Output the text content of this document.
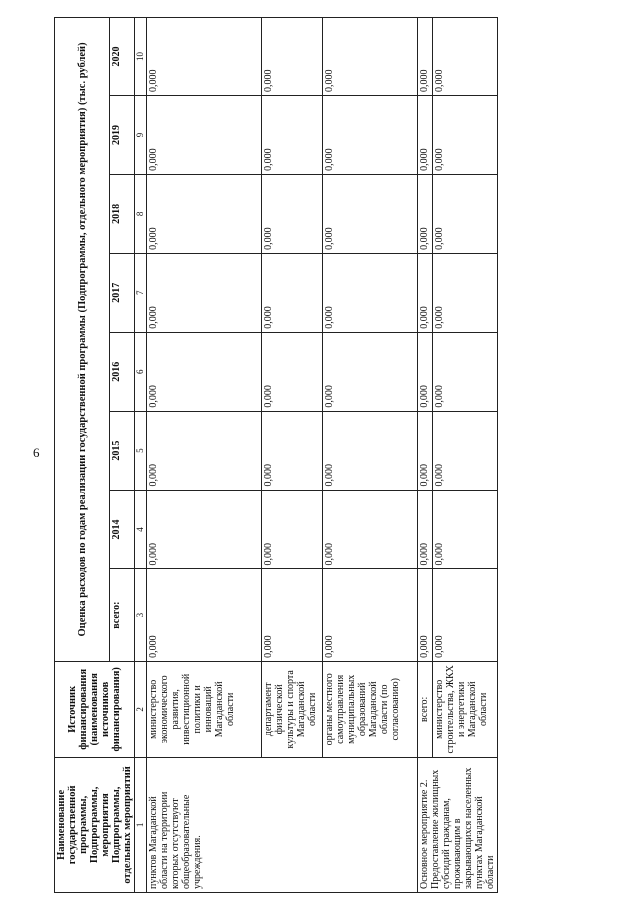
6
Наименование государственной программы, Подпрограммы, мероприятия Подпрограммы, отдельных мероприятий	Источник финансирования (наименования источников финансирования)	Оценка расходов по годам реализации государственной программы (Подпрограммы, отдельного мероприятия) (тыс. рублей)							
		всего:	2014	2015	2016	2017	2018	2019	2020
1	2	3	4	5	6	7	8	9	10
пунктов Магаданской области на территории которых отсутствуют общеобразовательные учреждения.	министерство экономического развития, инвестиционной политики и инноваций Магаданской области	0,000	0,000	0,000	0,000	0,000	0,000	0,000	0,000
	департамент физической культуры и спорта Магаданской области	0,000	0,000	0,000	0,000	0,000	0,000	0,000	0,000
	органы местного самоуправления муниципальных образований Магаданской области (по согласованию)	0,000	0,000	0,000	0,000	0,000	0,000	0,000	0,000
Основное мероприятие 2. Предоставление жилищных субсидий гражданам, проживающим в закрывающихся населенных пунктах Магаданской области	всего:	0,000	0,000	0,000	0,000	0,000	0,000	0,000	0,000
	министерство строительства, ЖКХ и энергетики Магаданской области	0,000	0,000	0,000	0,000	0,000	0,000	0,000	0,000
